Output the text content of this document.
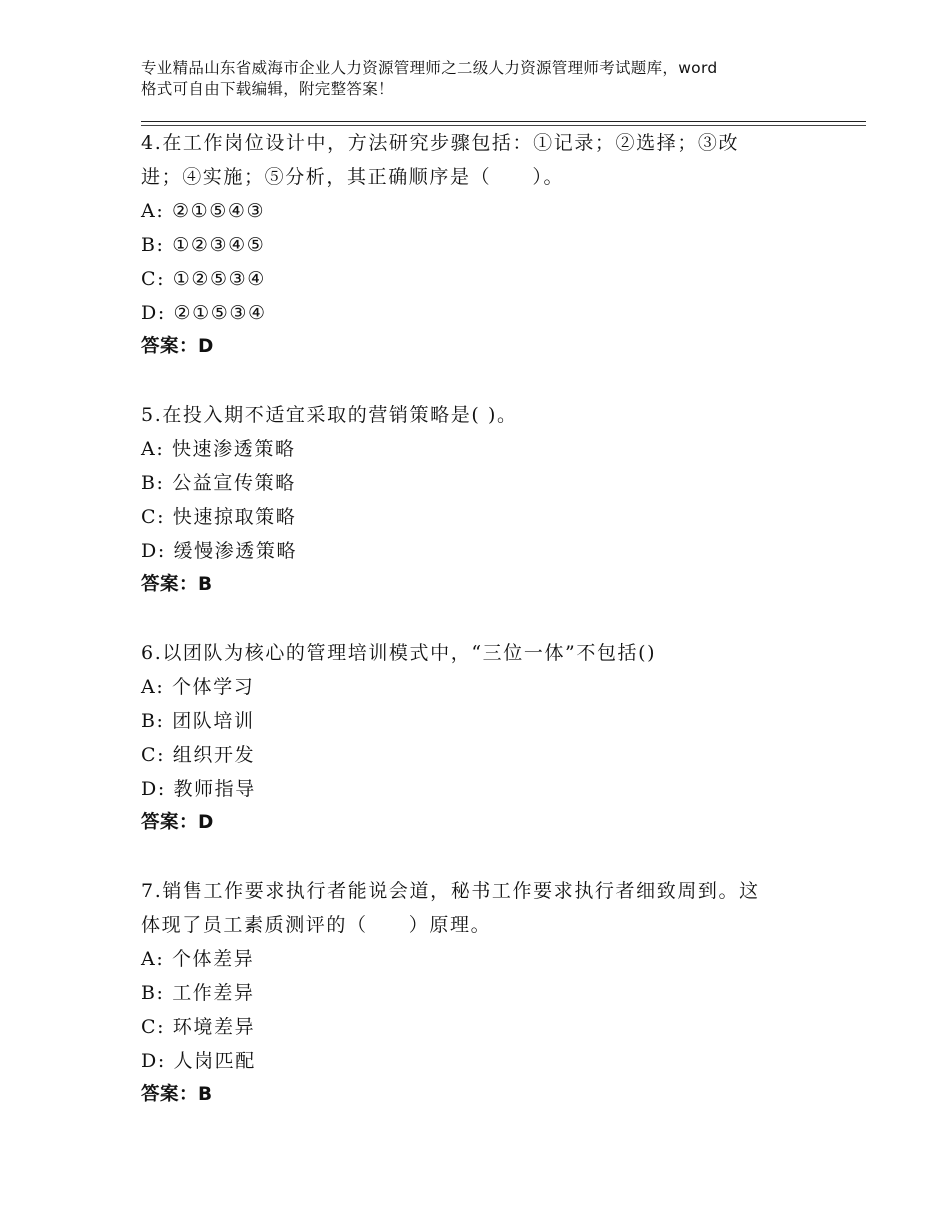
专业精品山东省威海市企业人力资源管理师之二级人力资源管理师考试题库，word
格式可自由下载编辑，附完整答案！
4.在工作岗位设计中，方法研究步骤包括：①记录；②选择；③改
进；④实施；⑤分析，其正确顺序是（　　）。
A: ②①⑤④③
B: ①②③④⑤
C: ①②⑤③④
D: ②①⑤③④
答案：D
5.在投入期不适宜采取的营销策略是( )。
A: 快速渗透策略
B: 公益宣传策略
C: 快速掠取策略
D: 缓慢渗透策略
答案：B
6.以团队为核心的管理培训模式中，“三位一体”不包括()
A: 个体学习
B: 团队培训
C: 组织开发
D: 教师指导
答案：D
7.销售工作要求执行者能说会道，秘书工作要求执行者细致周到。这
体现了员工素质测评的（　　）原理。
A: 个体差异
B: 工作差异
C: 环境差异
D: 人岗匹配
答案：B
